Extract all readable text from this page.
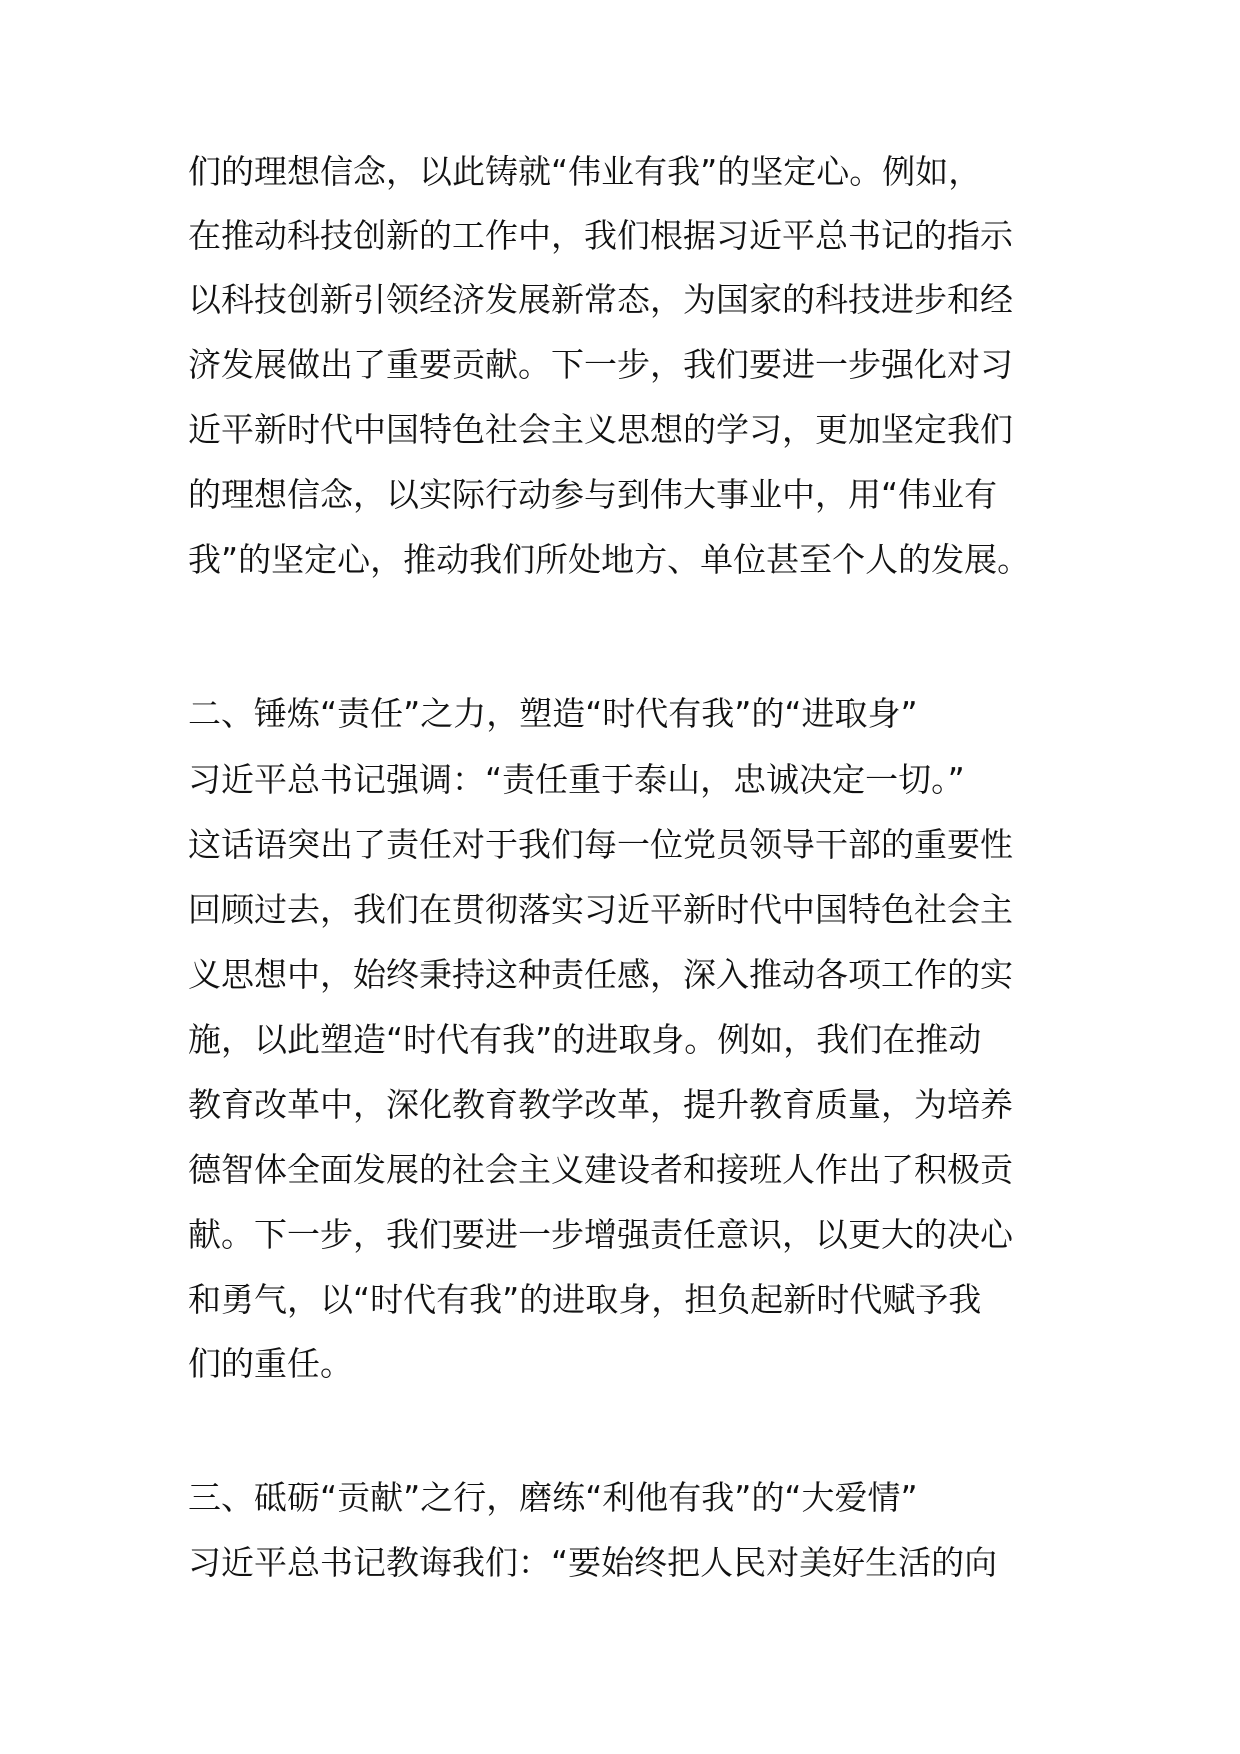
们的理想信念，以此铸就“伟业有我”的坚定心。例如，
在推动科技创新的工作中，我们根据习近平总书记的指示
以科技创新引领经济发展新常态，为国家的科技进步和经
济发展做出了重要贡献。下一步，我们要进一步强化对习
近平新时代中国特色社会主义思想的学习，更加坚定我们
的理想信念，以实际行动参与到伟大事业中，用“伟业有
我”的坚定心，推动我们所处地方、单位甚至个人的发展。
二、锤炼“责任”之力，塑造“时代有我”的“进取身”
习近平总书记强调：“责任重于泰山，忠诚决定一切。”
这话语突出了责任对于我们每一位党员领导干部的重要性
回顾过去，我们在贯彻落实习近平新时代中国特色社会主
义思想中，始终秉持这种责任感，深入推动各项工作的实
施，以此塑造“时代有我”的进取身。例如，我们在推动
教育改革中，深化教育教学改革，提升教育质量，为培养
德智体全面发展的社会主义建设者和接班人作出了积极贡
献。下一步，我们要进一步增强责任意识，以更大的决心
和勇气，以“时代有我”的进取身，担负起新时代赋予我
们的重任。
三、砥砺“贡献”之行，磨练“利他有我”的“大爱情”
习近平总书记教诲我们：“要始终把人民对美好生活的向
